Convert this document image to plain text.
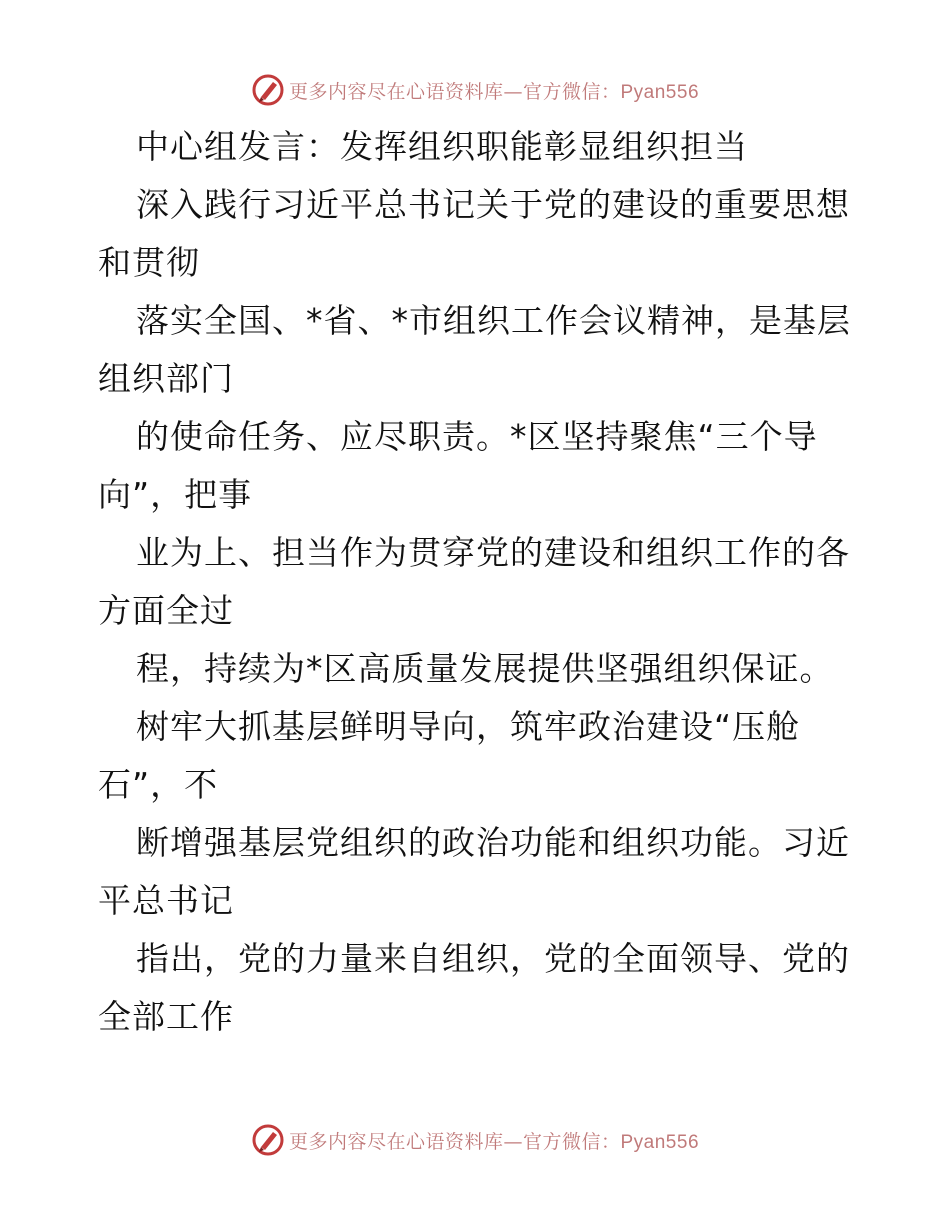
更多内容尽在心语资料库—官方微信：Pyan556
中心组发言：发挥组织职能彰显组织担当
深入践行习近平总书记关于党的建设的重要思想
和贯彻
落实全国、*省、*市组织工作会议精神，是基层
组织部门
的使命任务、应尽职责。*区坚持聚焦“三个导
向”，把事
业为上、担当作为贯穿党的建设和组织工作的各
方面全过
程，持续为*区高质量发展提供坚强组织保证。
树牢大抓基层鲜明导向，筑牢政治建设“压舱
石”，不
断增强基层党组织的政治功能和组织功能。习近
平总书记
指出，党的力量来自组织，党的全面领导、党的
全部工作
更多内容尽在心语资料库—官方微信：Pyan556
